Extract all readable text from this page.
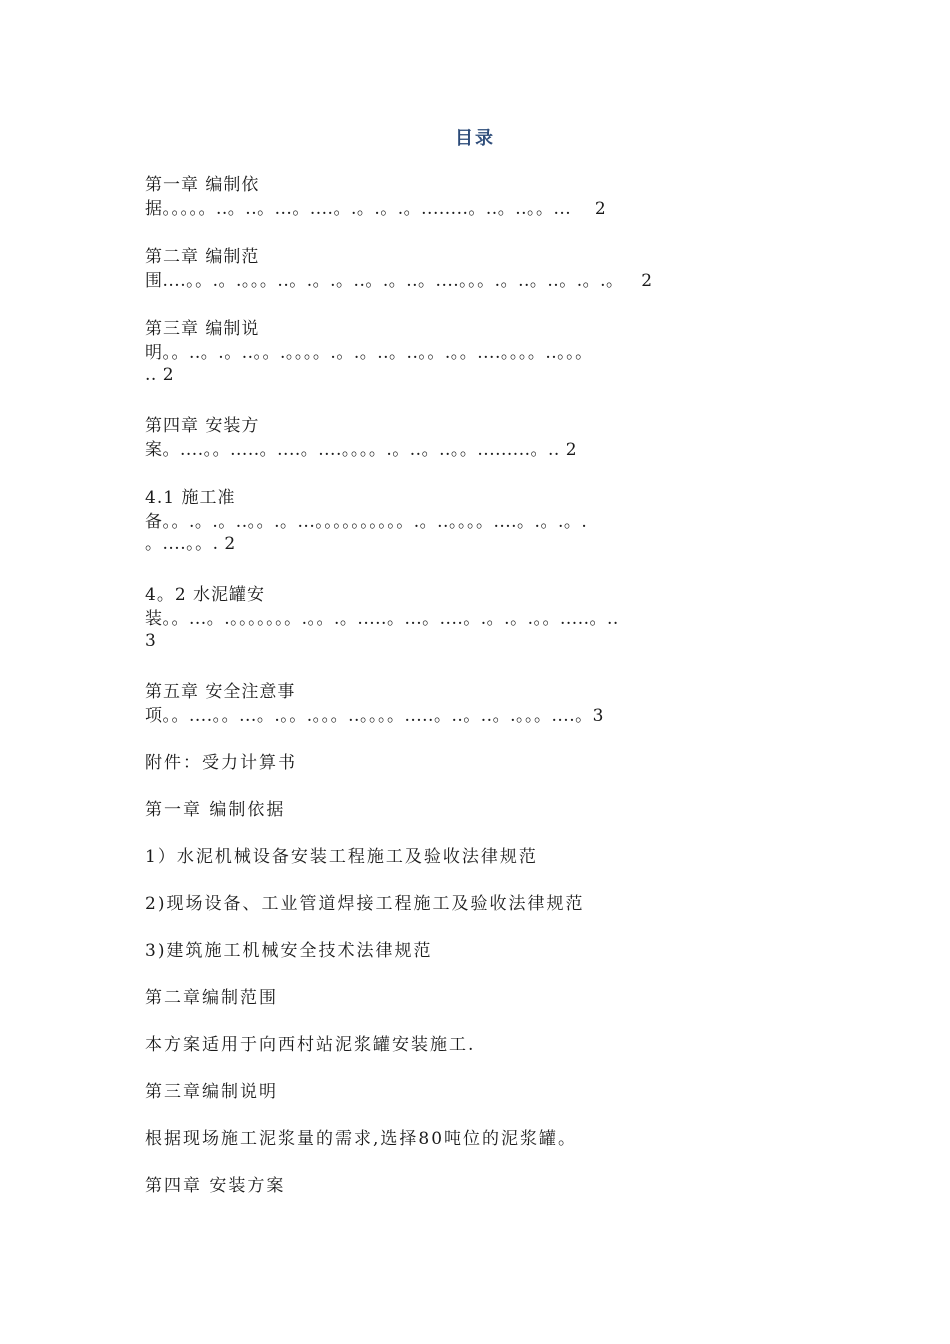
目录
第一章 编制依
据。。。。。..。..。...。....。.。.。.。........。..。..。。...    2
第二章 编制范
围....。。.。.。。。..。.。.。..。.。..。....。。。.。..。..。.。.。   2
第三章 编制说
明。。..。.。..。。.。。。。.。.。..。..。。.。。....。。。。..。。。
.. 2
第四章 安装方
案。....。。.....。....。....。。。。.。..。..。。.........。.. 2
4.1 施工准
备。。.。.。..。。.。...。。。。。。。。。。.。..。。。。....。.。.。.
。....。。. 2
4。2 水泥罐安
装。。...。.。。。。。。。.。。.。.....。...。....。.。.。.。。.....。..
3
第五章 安全注意事
项。。....。。...。.。。.。。。..。。。。.....。..。..。.。。。....。3
附件：受力计算书
第一章 编制依据
1）水泥机械设备安装工程施工及验收法律规范
2)现场设备、工业管道焊接工程施工及验收法律规范
3)建筑施工机械安全技术法律规范
第二章编制范围
本方案适用于向西村站泥浆罐安装施工.
第三章编制说明
根据现场施工泥浆量的需求,选择80吨位的泥浆罐。
第四章 安装方案
